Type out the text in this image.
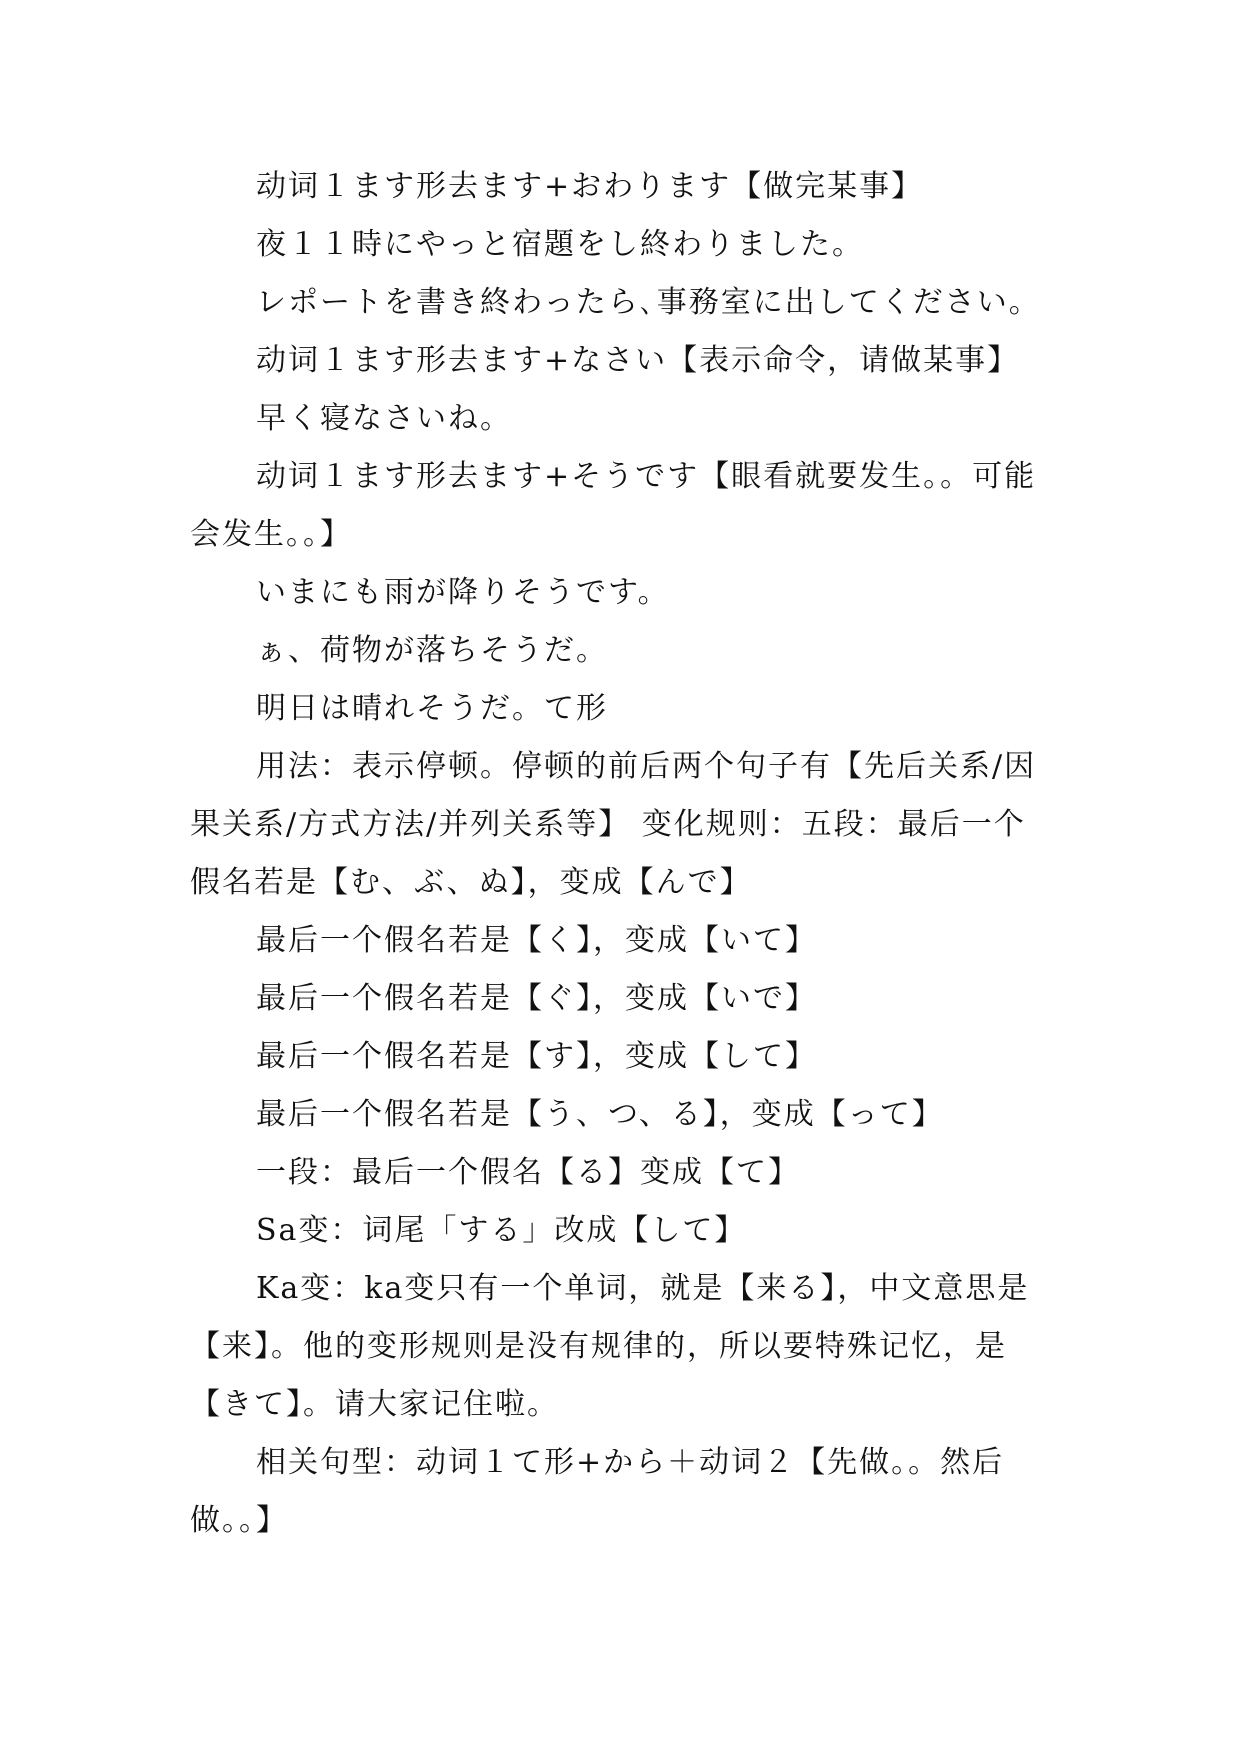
动词１ます形去ます+おわります【做完某事】

夜１１時にやっと宿題をし終わりました。

レポートを書き終わったら､事務室に出してください。

动词１ます形去ます+なさい【表示命令，请做某事】

早く寝なさいね。

动词１ます形去ます+そうです【眼看就要发生。。可能会发生。。】

いまにも雨が降りそうです。

ぁ、荷物が落ちそうだ。

明日は晴れそうだ。て形

用法：表示停顿。停顿的前后两个句子有【先后关系/因果关系/方式方法/并列关系等】 变化规则：五段：最后一个假名若是【む、ぶ、ぬ】，变成【んで】

最后一个假名若是【く】，变成【いて】

最后一个假名若是【ぐ】，变成【いで】

最后一个假名若是【す】，变成【して】

最后一个假名若是【う、つ、る】，变成【って】

一段：最后一个假名【る】变成【て】

Sa变：词尾「する」改成【して】

Ka变：ka变只有一个单词，就是【来る】，中文意思是【来】。他的变形规则是没有规律的，所以要特殊记忆，是【きて】。请大家记住啦。

相关句型：动词１て形+から＋动词２【先做。。然后做。。】
